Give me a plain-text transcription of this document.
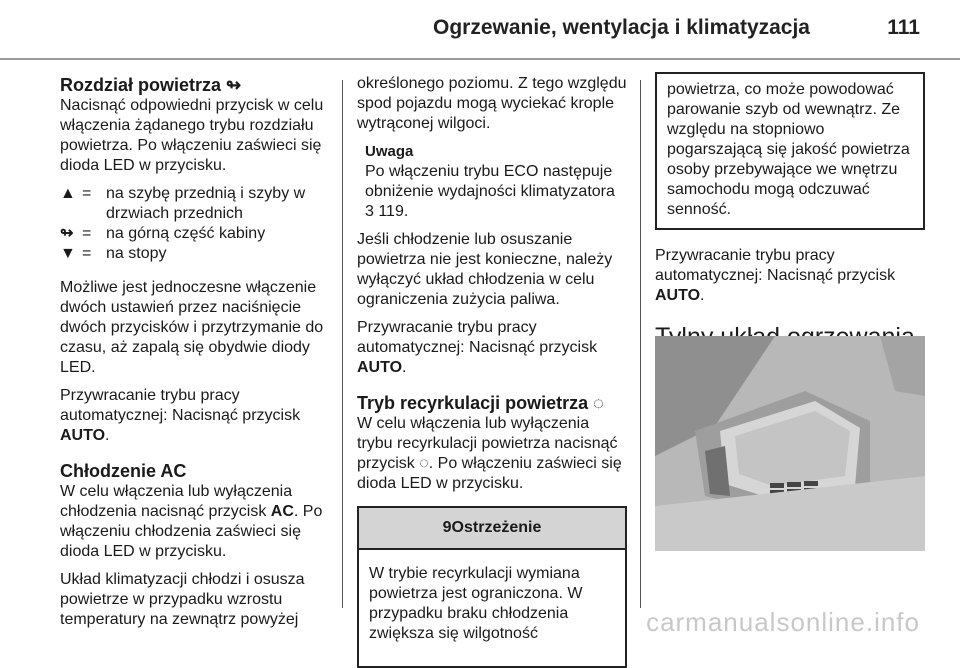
Ogrzewanie, wentylacja i klimatyzacja	111
Rozdział powietrza ↬

Nacisnąć odpowiedni przycisk w celu włączenia żądanego trybu rozdziału powietrza. Po włączeniu zaświeci się dioda LED w przycisku.

▲ = na szybę przednią i szyby w drzwiach przednich
↬ = na górną część kabiny
▼ = na stopy

Możliwe jest jednoczesne włączenie dwóch ustawień przez naciśnięcie dwóch przycisków i przytrzymanie do czasu, aż zapalą się obydwie diody LED.

Przywracanie trybu pracy automatycznej: Nacisnąć przycisk AUTO.

Chłodzenie AC

W celu włączenia lub wyłączenia chłodzenia nacisnąć przycisk AC. Po włączeniu chłodzenia zaświeci się dioda LED w przycisku.

Układ klimatyzacji chłodzi i osusza powietrze w przypadku wzrostu temperatury na zewnątrz powyżej

określonego poziomu. Z tego względu spod pojazdu mogą wyciekać krople wytrąconej wilgoci.

Uwaga
Po włączeniu trybu ECO następuje obniżenie wydajności klimatyzatora
3 119.

Jeśli chłodzenie lub osuszanie powietrza nie jest konieczne, należy wyłączyć układ chłodzenia w celu ograniczenia zużycia paliwa.

Przywracanie trybu pracy automatycznej: Nacisnąć przycisk AUTO.

Tryb recyrkulacji powietrza ◌

W celu włączenia lub wyłączenia trybu recyrkulacji powietrza nacisnąć przycisk ◌. Po włączeniu zaświeci się dioda LED w przycisku.

9Ostrzeżenie
W trybie recyrkulacji wymiana powietrza jest ograniczona. W przypadku braku chłodzenia zwiększa się wilgotność
powietrza, co może powodować parowanie szyb od wewnątrz. Ze względu na stopniowo pogarszającą się jakość powietrza osoby przebywające we wnętrzu samochodu mogą odczuwać senność.

Przywracanie trybu pracy automatycznej: Nacisnąć przycisk AUTO.

carmanualsonline.info
